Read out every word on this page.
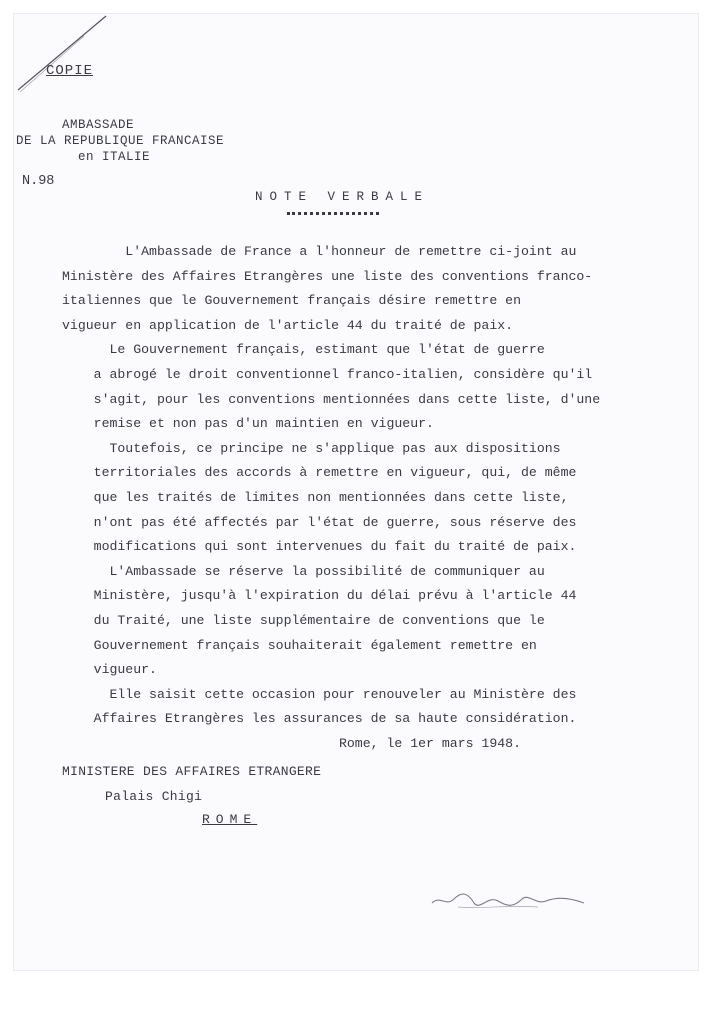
COPIE
AMBASSADE
DE LA REPUBLIQUE FRANCAISE
en ITALIE
N.98
NOTE VERBALE

L'Ambassade de France a l'honneur de remettre ci-joint au

Ministère des Affaires Etrangères une liste des conventions franco-

italiennes que le Gouvernement français désire remettre en

vigueur en application de l'article 44 du traité de paix.

Le Gouvernement français, estimant que l'état de guerre

a abrogé le droit conventionnel franco-italien, considère qu'il

s'agit, pour les conventions mentionnées dans cette liste, d'une

remise et non pas d'un maintien en vigueur.

Toutefois, ce principe ne s'applique pas aux dispositions

territoriales des accords à remettre en vigueur, qui, de même

que les traités de limites non mentionnées dans cette liste,

n'ont pas été affectés par l'état de guerre, sous réserve des

modifications qui sont intervenues du fait du traité de paix.

L'Ambassade se réserve la possibilité de communiquer au

Ministère, jusqu'à l'expiration du délai prévu à l'article 44

du Traité, une liste supplémentaire de conventions que le

Gouvernement français souhaiterait également remettre en

vigueur.

Elle saisit cette occasion pour renouveler au Ministère des

Affaires Etrangères les assurances de sa haute considération.

Rome, le 1er mars 1948.

MINISTERE DES AFFAIRES ETRANGERE
Palais Chigi
ROME
